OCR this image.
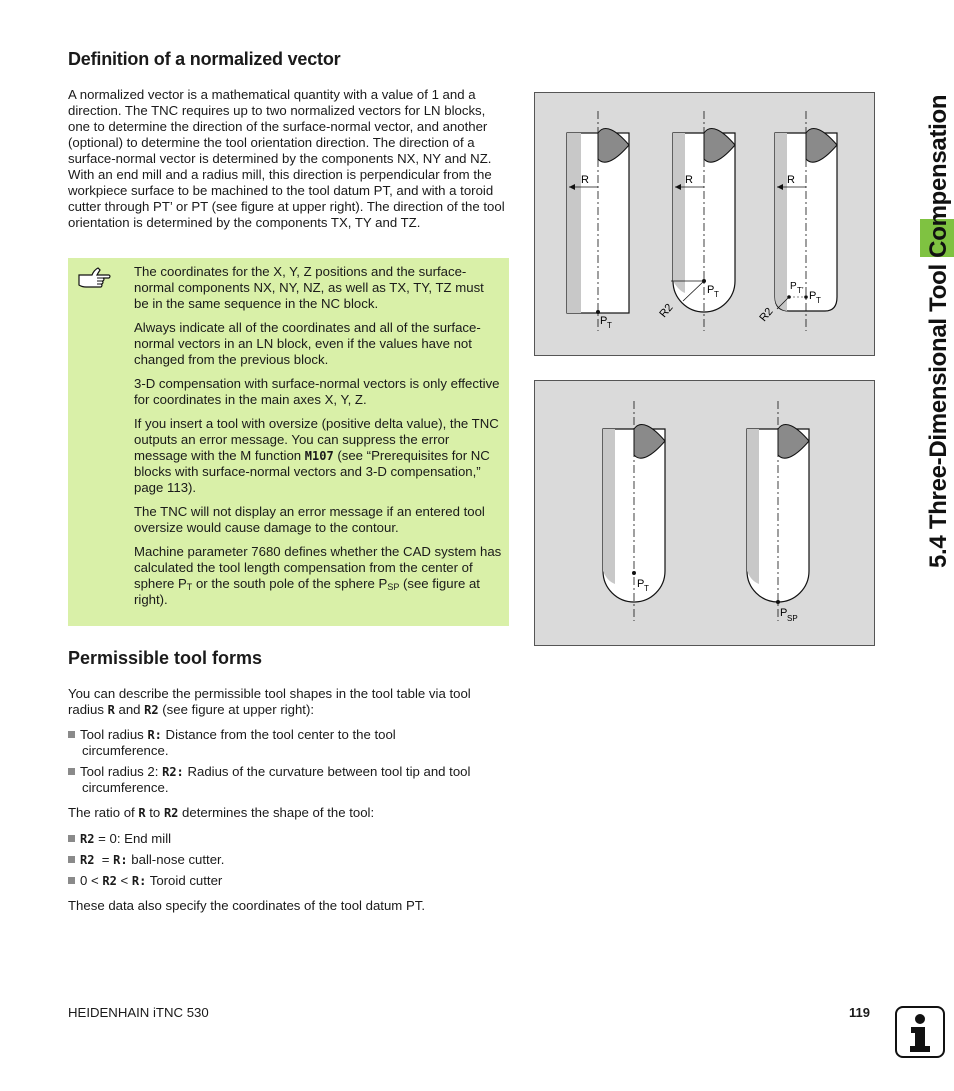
Definition of a normalized vector

A normalized vector is a mathematical quantity with a value of 1 and a direction. The TNC requires up to two normalized vectors for LN blocks, one to determine the direction of the surface-normal vector, and another (optional) to determine the tool orientation direction. The direction of a surface-normal vector is determined by the components NX, NY and NZ. With an end mill and a radius mill, this direction is perpendicular from the workpiece surface to be machined to the tool datum PT, and with a toroid cutter through PT’ or PT (see figure at upper right). The direction of the tool orientation is determined by the components TX, TY and TZ.

The coordinates for the X, Y, Z positions and the surface-normal components NX, NY, NZ, as well as TX, TY, TZ must be in the same sequence in the NC block.

Always indicate all of the coordinates and all of the surface-normal vectors in an LN block, even if the values have not changed from the previous block.

3-D compensation with surface-normal vectors is only effective for coordinates in the main axes X, Y, Z.

If you insert a tool with oversize (positive delta value), the TNC outputs an error message. You can suppress the error message with the M function M107 (see “Prerequisites for NC blocks with surface-normal vectors and 3-D compensation,” page 113).

The TNC will not display an error message if an entered tool oversize would cause damage to the contour.

Machine parameter 7680 defines whether the CAD system has calculated the tool length compensation from the center of sphere $P_T$ or the south pole of the sphere $P_{SP}$ (see figure at right).

Permissible tool forms

You can describe the permissible tool shapes in the tool table via tool radius R and R2 (see figure at upper right):

Tool radius R: Distance from the tool center to the tool
circumference.
Tool radius 2: R2: Radius of the curvature between tool tip and tool
circumference.

The ratio of R to R2 determines the shape of the tool:

R2 = 0: End mill
R2  = R: ball-nose cutter.
0 < R2 < R: Toroid cutter

These data also specify the coordinates of the tool datum PT.

R
P T
R
P T
R2
R
P T’ P T
R2
P T
P SP
5.4 Three-Dimensional Tool Compensation
HEIDENHAIN iTNC 530	119
